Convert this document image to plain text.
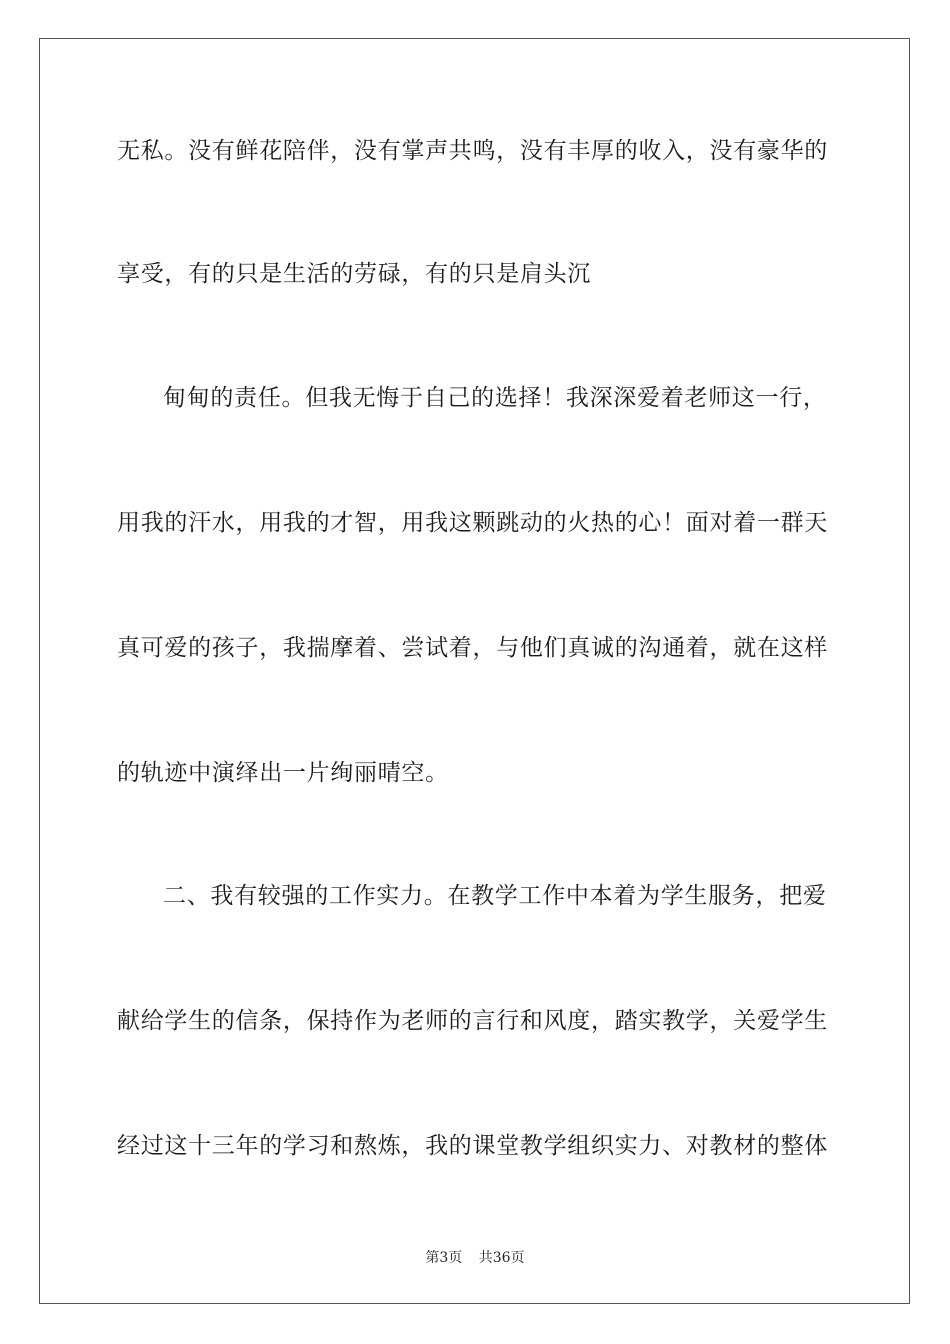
无私。没有鲜花陪伴，没有掌声共鸣，没有丰厚的收入，没有豪华的
享受，有的只是生活的劳碌，有的只是肩头沉
甸甸的责任。但我无悔于自己的选择！我深深爱着老师这一行，
用我的汗水，用我的才智，用我这颗跳动的火热的心！面对着一群天
真可爱的孩子，我揣摩着、尝试着，与他们真诚的沟通着，就在这样
的轨迹中演绎出一片绚丽晴空。
二、我有较强的工作实力。在教学工作中本着为学生服务，把爱
献给学生的信条，保持作为老师的言行和风度，踏实教学，关爱学生
经过这十三年的学习和熬炼，我的课堂教学组织实力、对教材的整体
第3页 共36页
